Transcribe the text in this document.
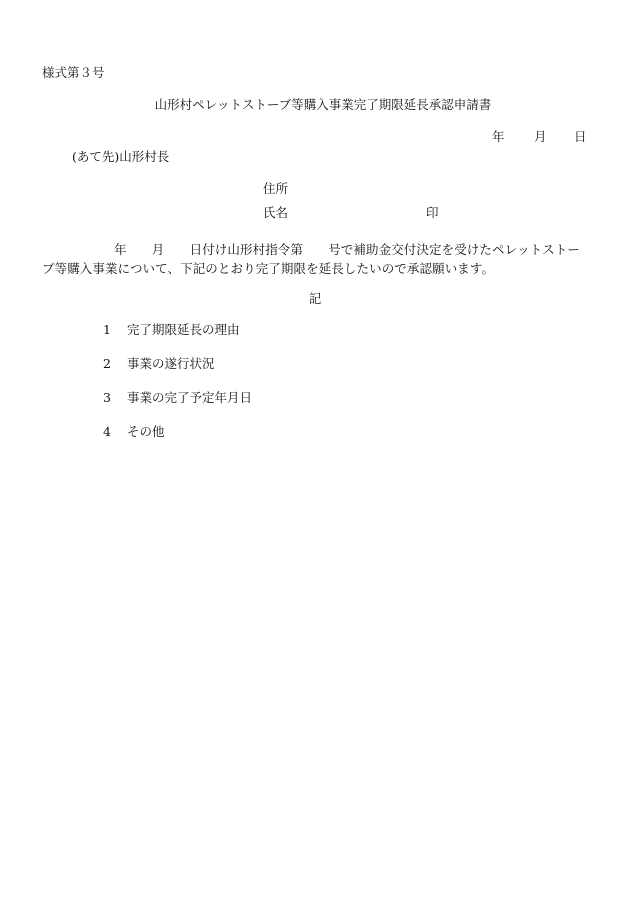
様式第３号
山形村ペレットストーブ等購入事業完了期限延長承認申請書
年 月 日
(あて先)山形村長
住所
氏名	印
年　　月　　日付け山形村指令第　　号で補助金交付決定を受けたペレットストーブ等購入事業について、下記のとおり完了期限を延長したいので承認願います。
記
1 完了期限延長の理由
2 事業の遂行状況
3 事業の完了予定年月日
4 その他
